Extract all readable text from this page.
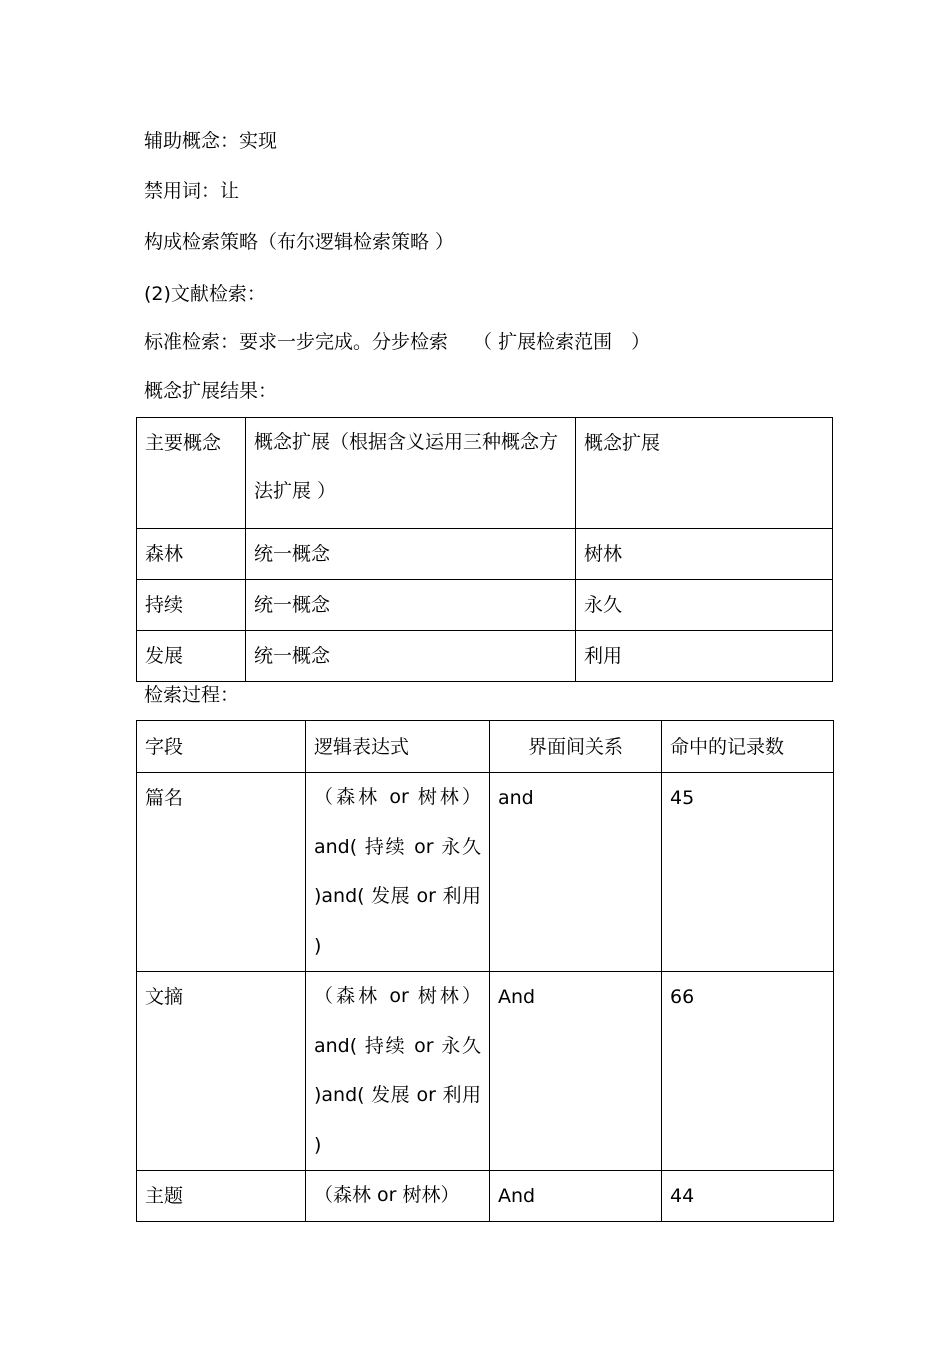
辅助概念：实现
禁用词：让
构成检索策略（布尔逻辑检索策略 ）
(2)文献检索：
标准检索：要求一步完成。分步检索　 （ 扩展检索范围　）
概念扩展结果：
主要概念	概念扩展（根据含义运用三种概念方法扩展 ）	概念扩展
森林	统一概念	树林
持续	统一概念	永久
发展	统一概念	利用
检索过程：
字段	逻辑表达式	界面间关系	命中的记录数
篇名	（森林 or 树林）and( 持续 or 永久 )and( 发展 or 利用 )	and	45
文摘	（森林 or 树林）and( 持续 or 永久 )and( 发展 or 利用 )	And	66
主题	（森林 or 树林）	And	44
